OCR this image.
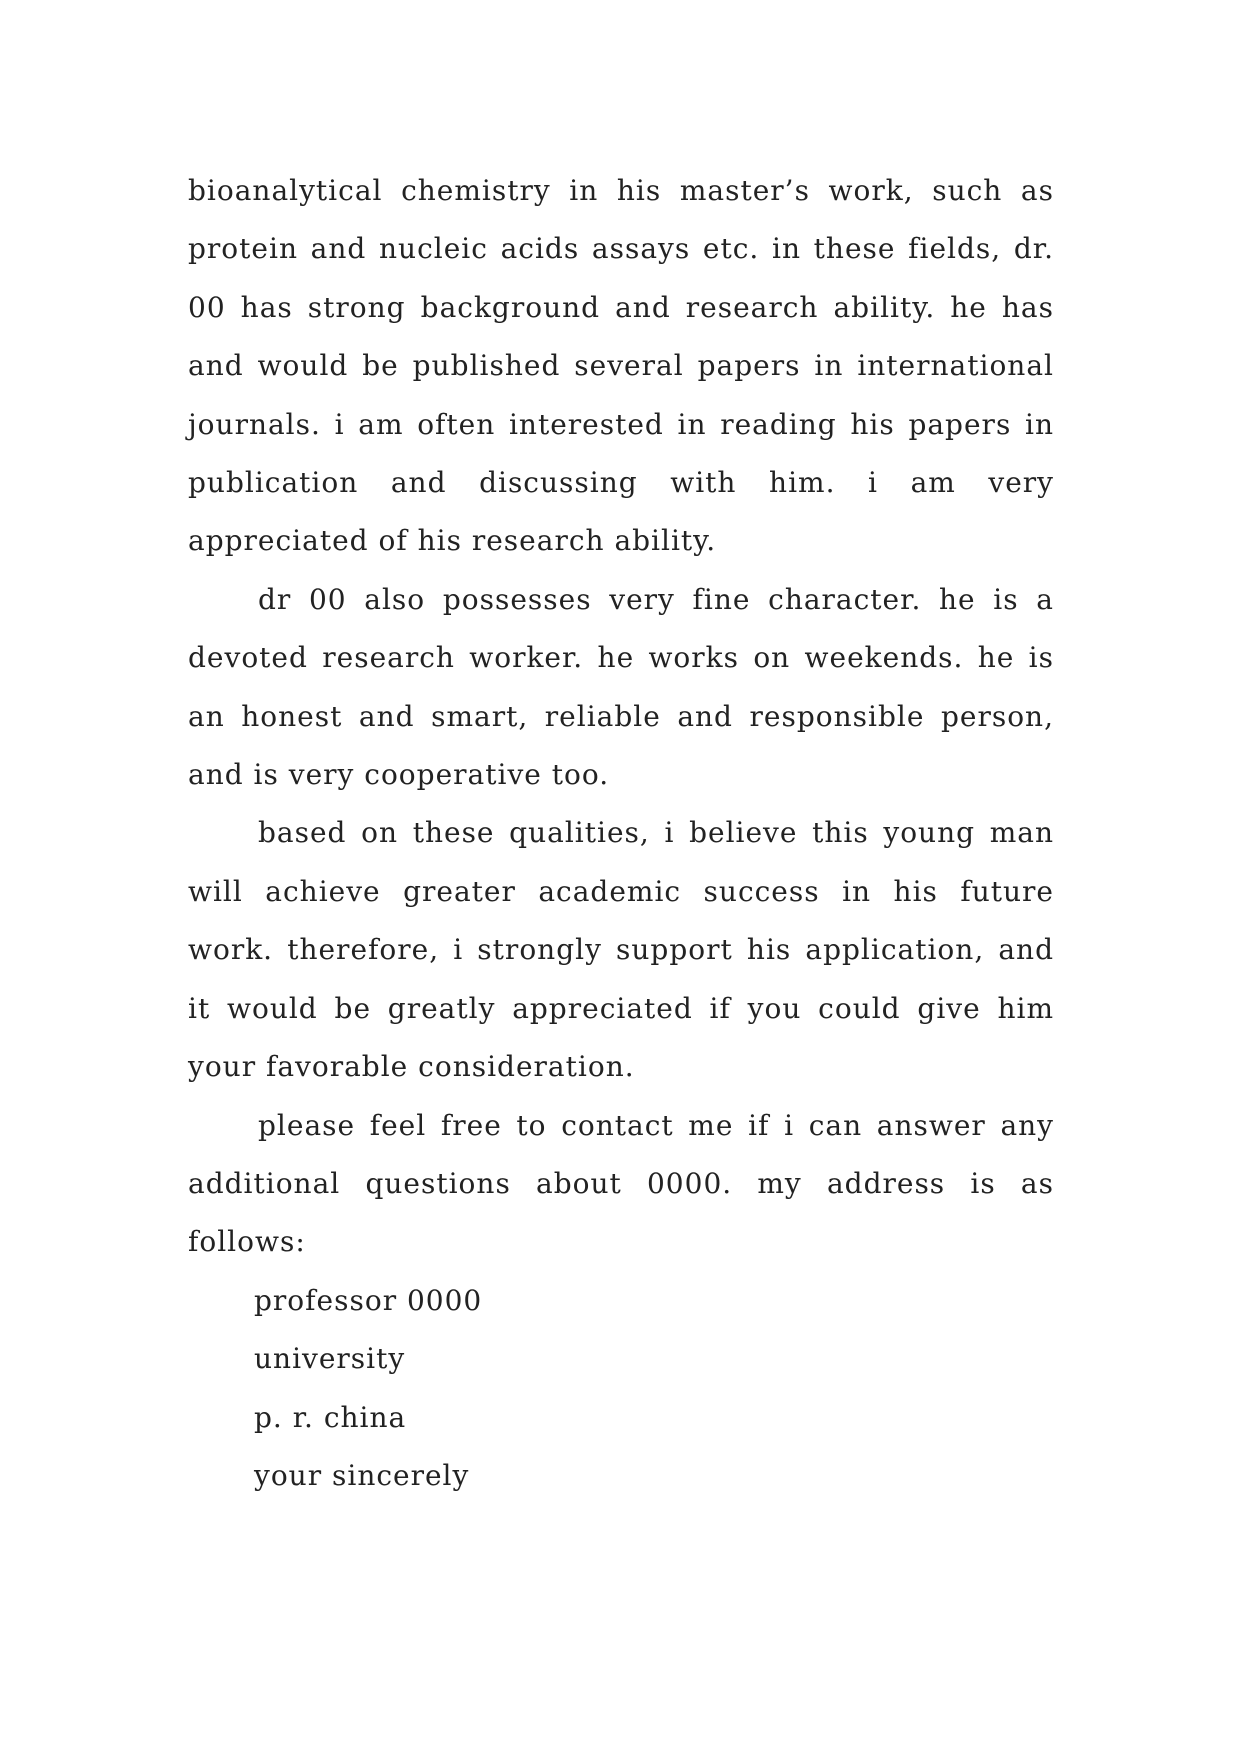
bioanalytical chemistry in his master’s work, such as protein and nucleic acids assays etc. in these fields, dr. 00 has strong background and research ability. he has and would be published several papers in international journals. i am often interested in reading his papers in publication and discussing with him. i am very appreciated of his research ability.

dr 00 also possesses very fine character. he is a devoted research worker. he works on weekends. he is an honest and smart, reliable and responsible person, and is very cooperative too.

based on these qualities, i believe this young man will achieve greater academic success in his future work. therefore, i strongly support his application, and it would be greatly appreciated if you could give him your favorable consideration.

please feel free to contact me if i can answer any additional questions about 0000. my address is as follows:

professor 0000

university

p. r. china

your sincerely
